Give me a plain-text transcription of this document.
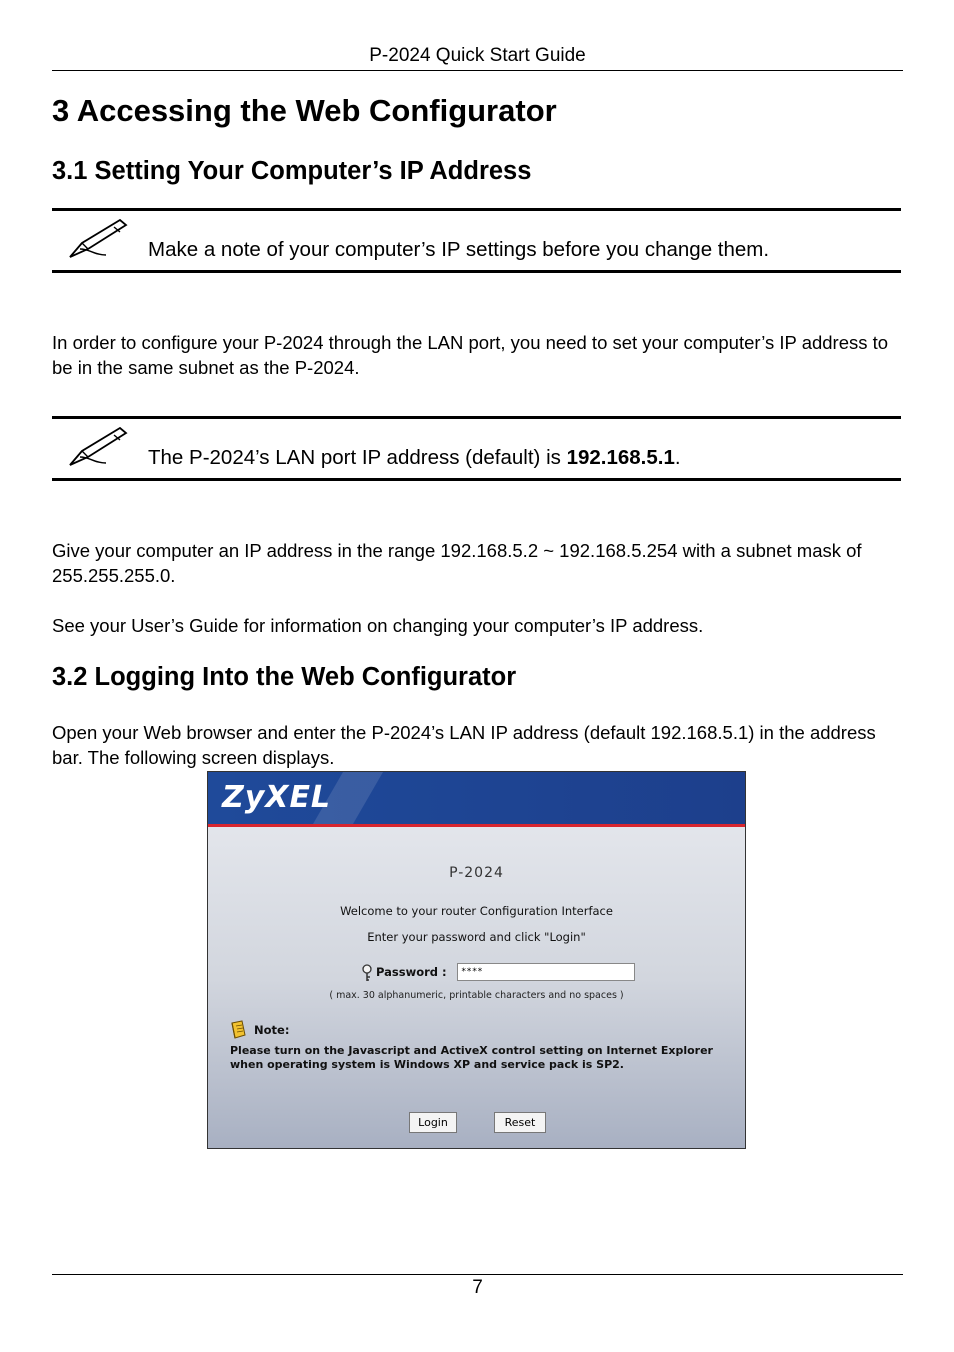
P-2024 Quick Start Guide
3 Accessing the Web Configurator
3.1 Setting Your Computer’s IP Address
Make a note of your computer’s IP settings before you change them.
In order to configure your P-2024 through the LAN port, you need to set your computer’s IP address to be in the same subnet as the P-2024.
The P-2024’s LAN port IP address (default) is 192.168.5.1.
Give your computer an IP address in the range 192.168.5.2 ~ 192.168.5.254 with a subnet mask of 255.255.255.0.
See your User’s Guide for information on changing your computer’s IP address.
3.2 Logging Into the Web Configurator
Open your Web browser and enter the P-2024’s LAN IP address (default 192.168.5.1) in the address bar. The following screen displays.
ZyXEL
P-2024
Welcome to your router Configuration Interface
Enter your password and click "Login"
Password :	****
( max. 30 alphanumeric, printable characters and no spaces )
Note:
Please turn on the Javascript and ActiveX control setting on Internet Explorer when operating system is Windows XP and service pack is SP2.
Login	Reset
7
